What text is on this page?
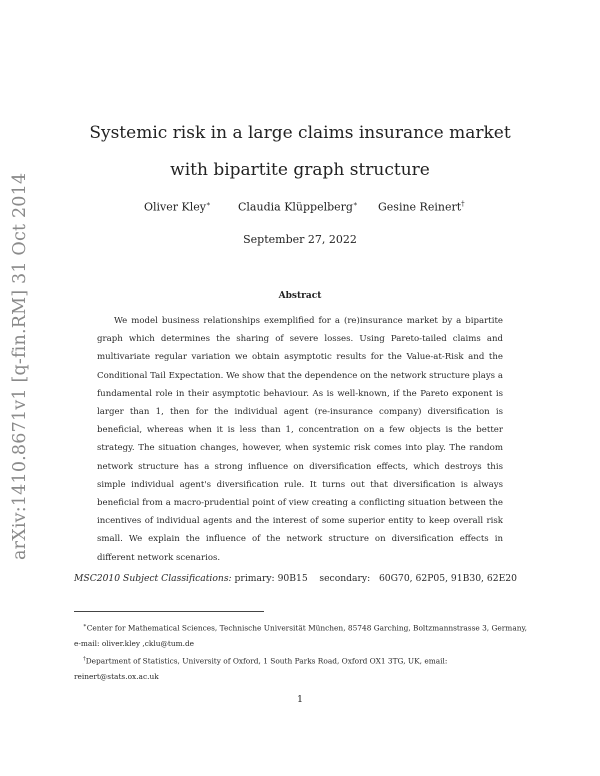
arXiv:1410.8671v1 [q-fin.RM] 31 Oct 2014
Systemic risk in a large claims insurance market with bipartite graph structure
Oliver Kley∗ Claudia Klüppelberg∗ Gesine Reinert†
September 27, 2022
Abstract
We model business relationships exemplified for a (re)insurance market by a bipartite graph which determines the sharing of severe losses. Using Pareto-tailed claims and multivariate regular variation we obtain asymptotic results for the Value-at-Risk and the Conditional Tail Expectation. We show that the dependence on the network structure plays a fundamental role in their asymptotic behaviour. As is well-known, if the Pareto exponent is larger than 1, then for the individual agent (re-insurance company) diversification is beneficial, whereas when it is less than 1, concentration on a few objects is the better strategy. The situation changes, however, when systemic risk comes into play. The random network structure has a strong influence on diversification effects, which destroys this simple individual agent's diversification rule. It turns out that diversification is always beneficial from a macro-prudential point of view creating a conflicting situation between the incentives of individual agents and the interest of some superior entity to keep overall risk small. We explain the influence of the network structure on diversification effects in different network scenarios.
MSC2010 Subject Classifications: primary: 90B15 secondary: 60G70, 62P05, 91B30, 62E20

∗Center for Mathematical Sciences, Technische Universität München, 85748 Garching, Boltzmannstrasse 3, Germany, e-mail: oliver.kley ,cklu@tum.de

†Department of Statistics, University of Oxford, 1 South Parks Road, Oxford OX1 3TG, UK, email: reinert@stats.ox.ac.uk

1
